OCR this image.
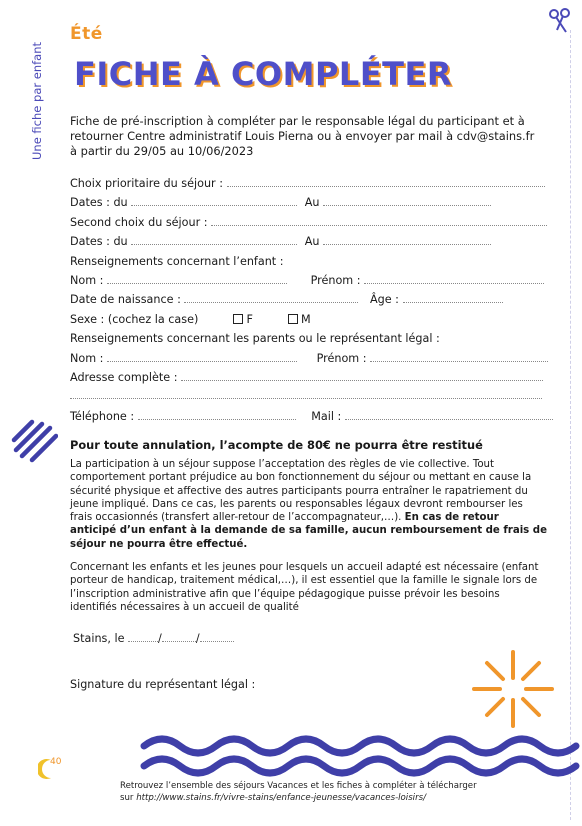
Une fiche par enfant
Été
FICHE À COMPLÉTER
Fiche de pré-inscription à compléter par le responsable légal du participant et à
retourner Centre administratif Louis Pierna ou à envoyer par mail à cdv@stains.fr
à partir du 29/05 au 10/06/2023
Choix prioritaire du séjour :
Dates : du	Au
Second choix du séjour :
Dates : du	Au
Renseignements concernant l’enfant :
Nom :	Prénom :
Date de naissance :	Âge :
Sexe : (cochez la case)	F	M
Renseignements concernant les parents ou le représentant légal :
Nom :	Prénom :
Adresse complète :
Téléphone :	Mail :
Pour toute annulation, l’acompte de 80€ ne pourra être restitué
La participation à un séjour suppose l’acceptation des règles de vie collective. Tout comportement portant préjudice au bon fonctionnement du séjour ou mettant en cause la sécurité physique et affective des autres participants pourra entraîner le rapatriement du jeune impliqué. Dans ce cas, les parents ou responsables légaux devront rembourser les frais occasionnés (transfert aller-retour de l’accompagnateur,…). En cas de retour anticipé d’un enfant à la demande de sa famille, aucun remboursement de frais de séjour ne pourra être effectué.
Concernant les enfants et les jeunes pour lesquels un accueil adapté est nécessaire (enfant porteur de handicap, traitement médical,…), il est essentiel que la famille le signale lors de l’inscription administrative afin que l’équipe pédagogique puisse prévoir les besoins identifiés nécessaires à un accueil de qualité
Stains, le	/	/
Signature du représentant légal :
40
Retrouvez l’ensemble des séjours Vacances et les fiches à compléter à télécharger
sur http://www.stains.fr/vivre-stains/enfance-jeunesse/vacances-loisirs/
